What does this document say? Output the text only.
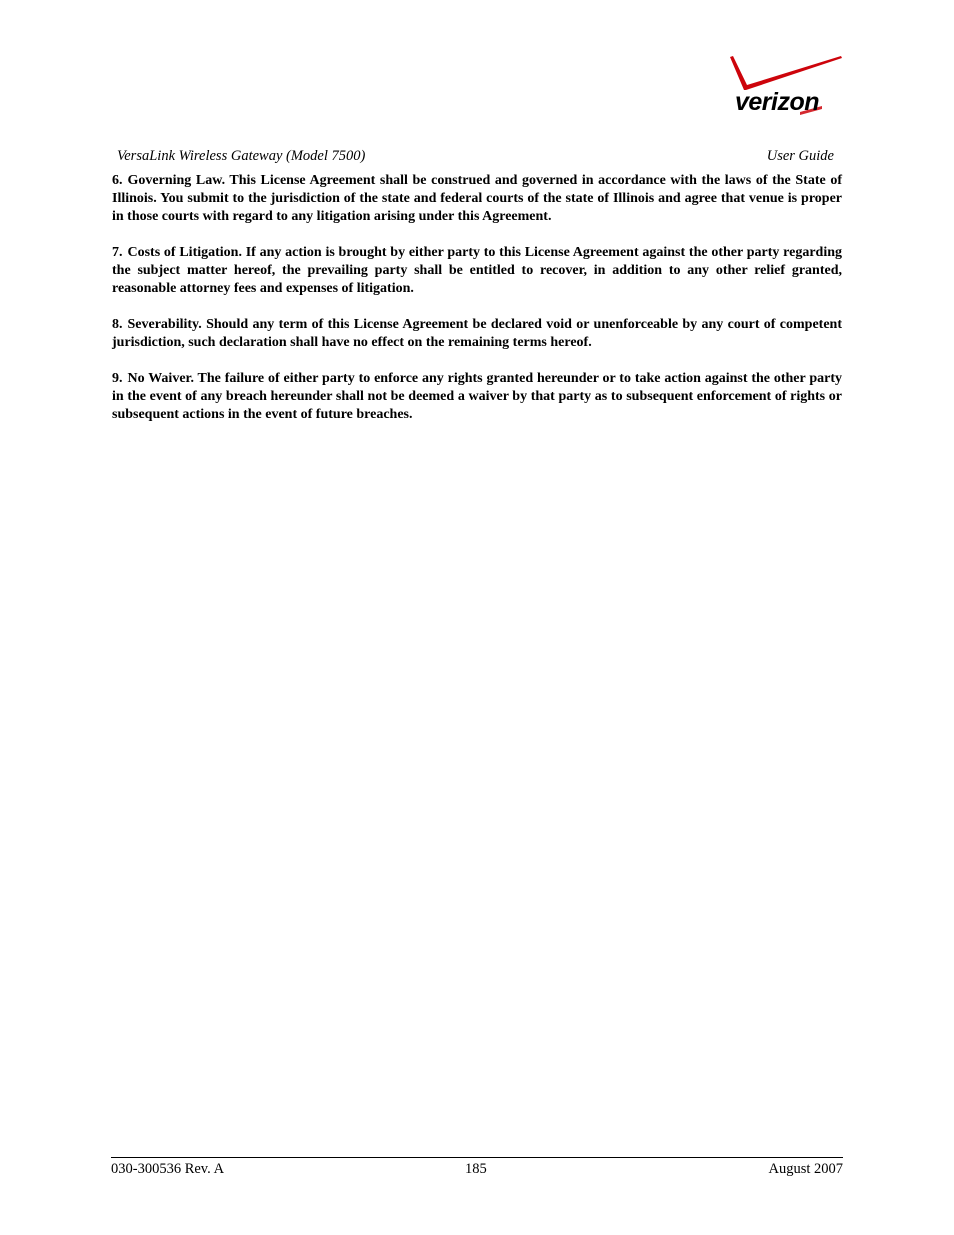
verizon
VersaLink Wireless Gateway (Model 7500)	User Guide

6. Governing Law. This License Agreement shall be construed and governed in accordance with the laws of the State of Illinois. You submit to the jurisdiction of the state and federal courts of the state of Illinois and agree that venue is proper in those courts with regard to any litigation arising under this Agreement.

7. Costs of Litigation. If any action is brought by either party to this License Agreement against the other party regarding the subject matter hereof, the prevailing party shall be entitled to recover, in addition to any other relief granted, reasonable attorney fees and expenses of litigation.

8. Severability. Should any term of this License Agreement be declared void or unenforceable by any court of competent jurisdiction, such declaration shall have no effect on the remaining terms hereof.

9. No Waiver. The failure of either party to enforce any rights granted hereunder or to take action against the other party in the event of any breach hereunder shall not be deemed a waiver by that party as to subsequent enforcement of rights or subsequent actions in the event of future breaches.

030-300536 Rev. A	185	August 2007
